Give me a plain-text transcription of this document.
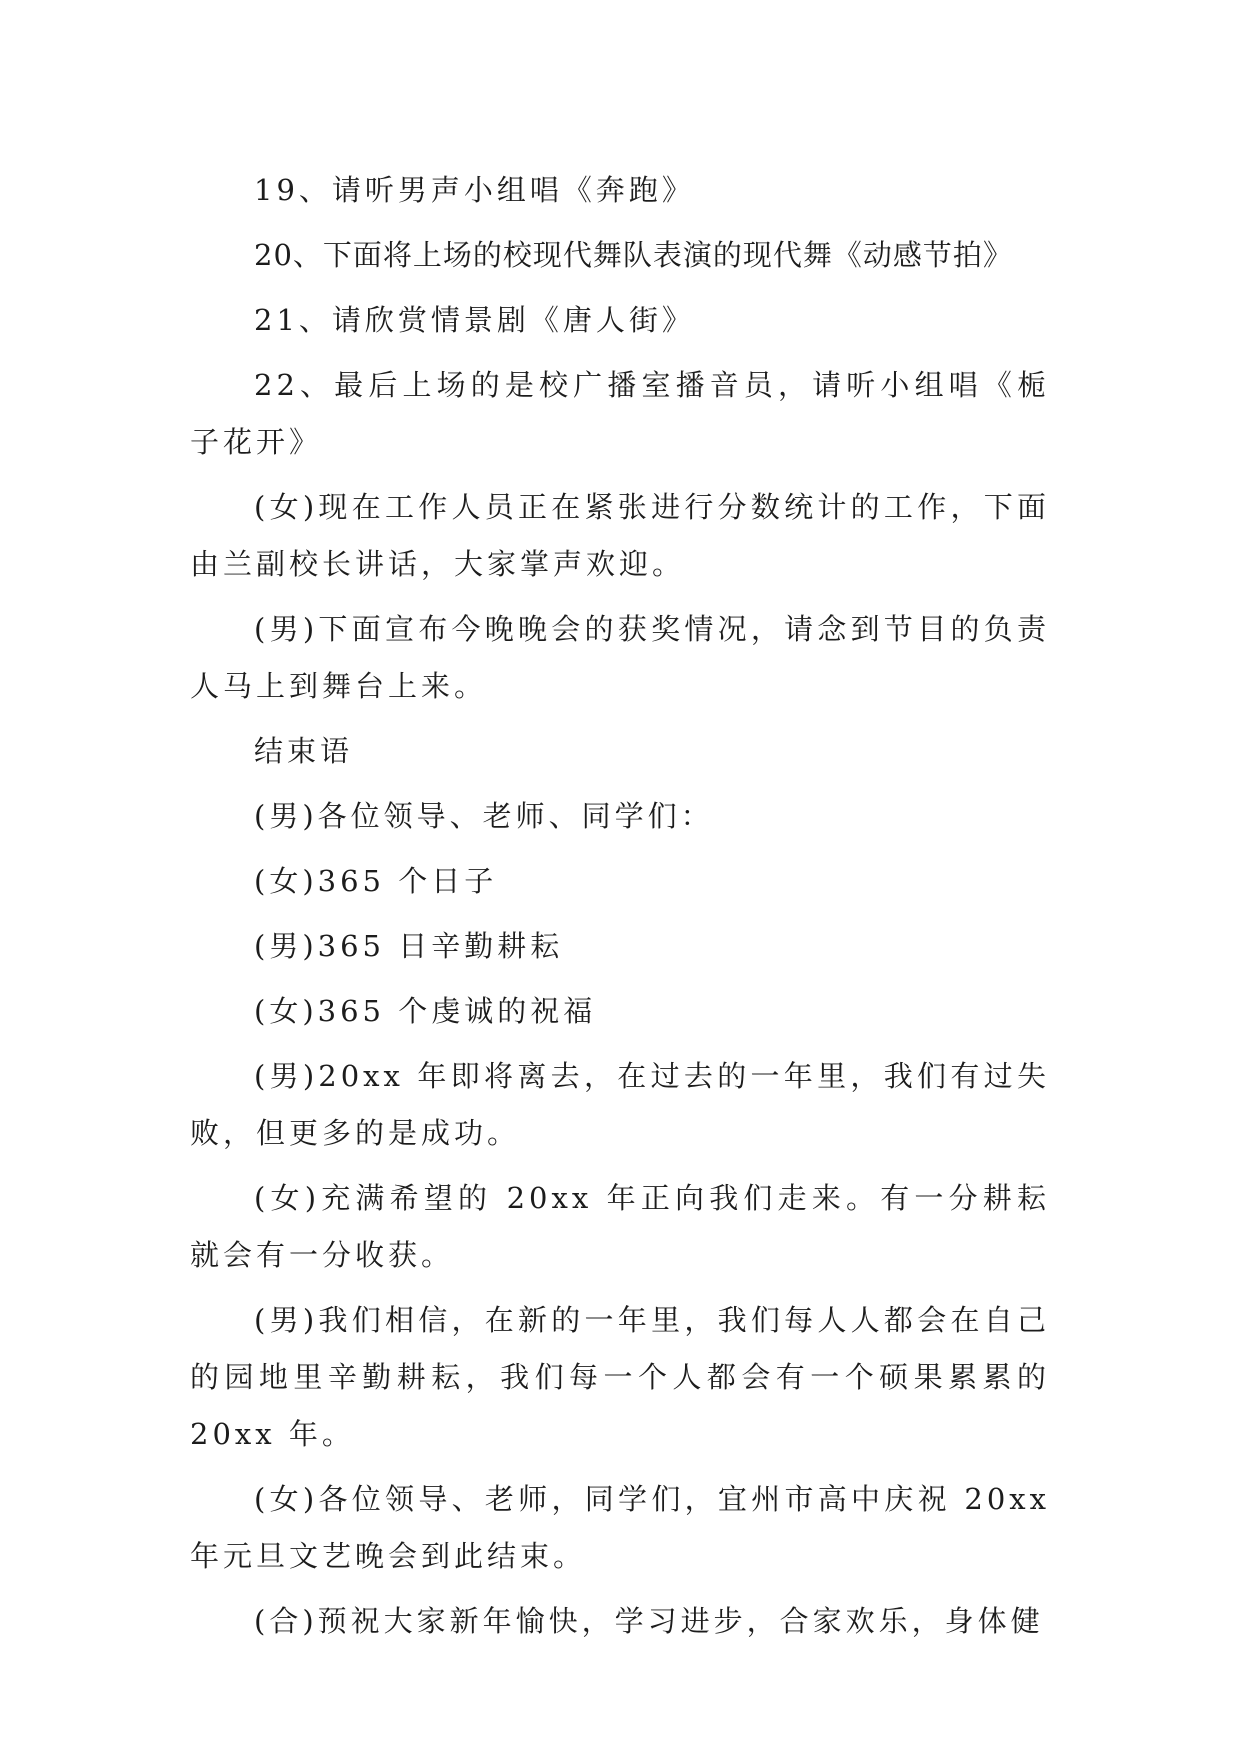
19、请听男声小组唱《奔跑》

20、下面将上场的校现代舞队表演的现代舞《动感节拍》

21、请欣赏情景剧《唐人街》

22、最后上场的是校广播室播音员，请听小组唱《栀子花开》

(女)现在工作人员正在紧张进行分数统计的工作，下面由兰副校长讲话，大家掌声欢迎。

(男)下面宣布今晚晚会的获奖情况，请念到节目的负责人马上到舞台上来。

结束语

(男)各位领导、老师、同学们：

(女)365 个日子

(男)365 日辛勤耕耘

(女)365 个虔诚的祝福

(男)20xx 年即将离去，在过去的一年里，我们有过失败，但更多的是成功。

(女)充满希望的 20xx 年正向我们走来。有一分耕耘就会有一分收获。

(男)我们相信，在新的一年里，我们每人人都会在自己的园地里辛勤耕耘，我们每一个人都会有一个硕果累累的 20xx 年。

(女)各位领导、老师，同学们，宜州市高中庆祝 20xx 年元旦文艺晚会到此结束。

(合)预祝大家新年愉快，学习进步，合家欢乐，身体健
